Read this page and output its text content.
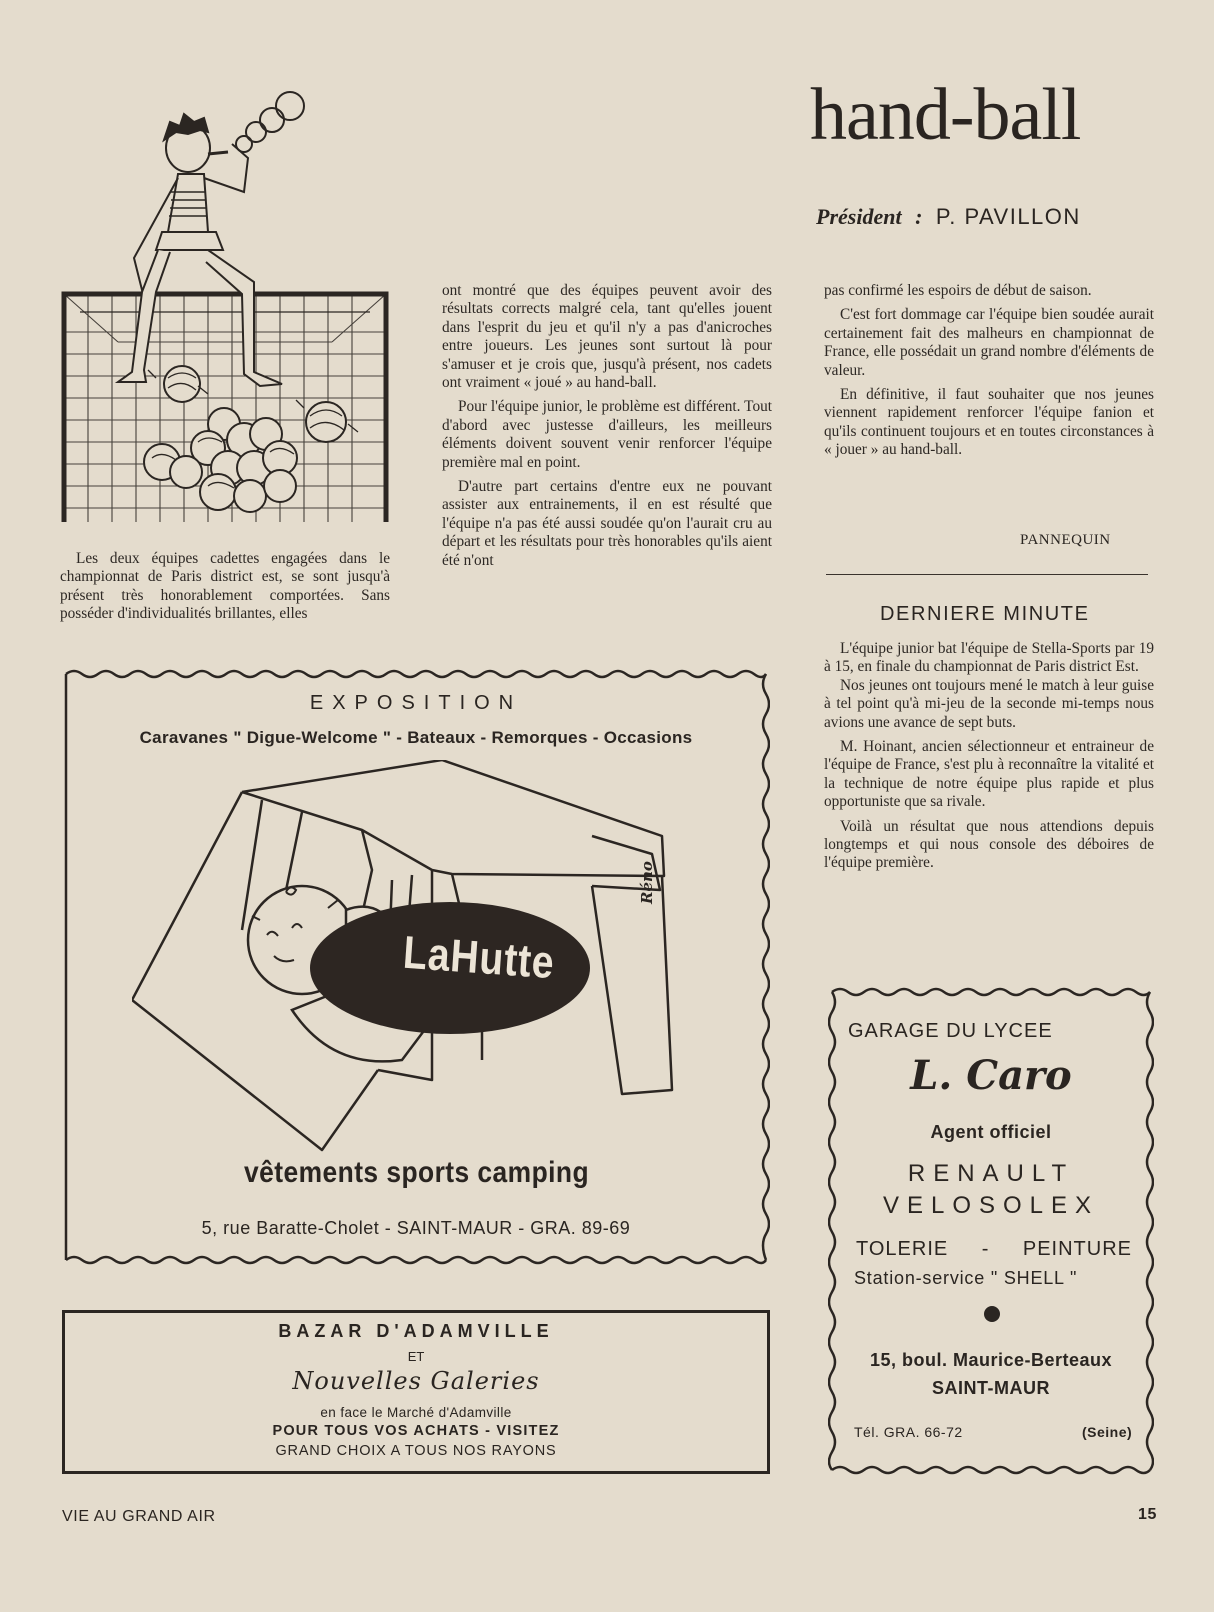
hand-ball
Président : P. PAVILLON

Les deux équipes cadettes engagées dans le championnat de Paris district est, se sont jusqu'à présent très honorablement comportées. Sans posséder d'individualités brillantes, elles

ont montré que des équipes peuvent avoir des résultats corrects malgré cela, tant qu'elles jouent dans l'esprit du jeu et qu'il n'y a pas d'anicroches entre joueurs. Les jeunes sont surtout là pour s'amuser et je crois que, jusqu'à présent, nos cadets ont vraiment « joué » au hand-ball.

Pour l'équipe junior, le problème est différent. Tout d'abord avec justesse d'ailleurs, les meilleurs éléments doivent souvent venir renforcer l'équipe première mal en point.

D'autre part certains d'entre eux ne pouvant assister aux entrainements, il en est résulté que l'équipe n'a pas été aussi soudée qu'on l'aurait cru au départ et les résultats pour très honorables qu'ils aient été n'ont

pas confirmé les espoirs de début de saison.

C'est fort dommage car l'équipe bien soudée aurait certainement fait des malheurs en championnat de France, elle possédait un grand nombre d'éléments de valeur.

En définitive, il faut souhaiter que nos jeunes viennent rapidement renforcer l'équipe fanion et qu'ils continuent toujours et en toutes circonstances à « jouer » au hand-ball.

PANNEQUIN
DERNIERE MINUTE

L'équipe junior bat l'équipe de Stella-Sports par 19 à 15, en finale du championnat de Paris district Est.

Nos jeunes ont toujours mené le match à leur guise à tel point qu'à mi-jeu de la seconde mi-temps nous avions une avance de sept buts.

M. Hoinant, ancien sélectionneur et entraineur de l'équipe de France, s'est plu à reconnaître la vitalité et la technique de notre équipe plus rapide et plus opportuniste que sa rivale.

Voilà un résultat que nous attendions depuis longtemps et qui nous console des déboires de l'équipe première.

EXPOSITION
Caravanes " Digue-Welcome " - Bateaux - Remorques - Occasions
LaHutte
Réno
vêtements sports camping
5, rue Baratte-Cholet - SAINT-MAUR - GRA. 89-69
BAZAR D'ADAMVILLE
ET
Nouvelles Galeries
en face le Marché d'Adamville
POUR TOUS VOS ACHATS - VISITEZ
GRAND CHOIX A TOUS NOS RAYONS
GARAGE DU LYCEE
L. Caro
Agent officiel
RENAULT
VELOSOLEX
TOLERIE - PEINTURE
Station-service " SHELL "
15, boul. Maurice-Berteaux
SAINT-MAUR
Tél. GRA. 66-72	(Seine)
VIE AU GRAND AIR	15
